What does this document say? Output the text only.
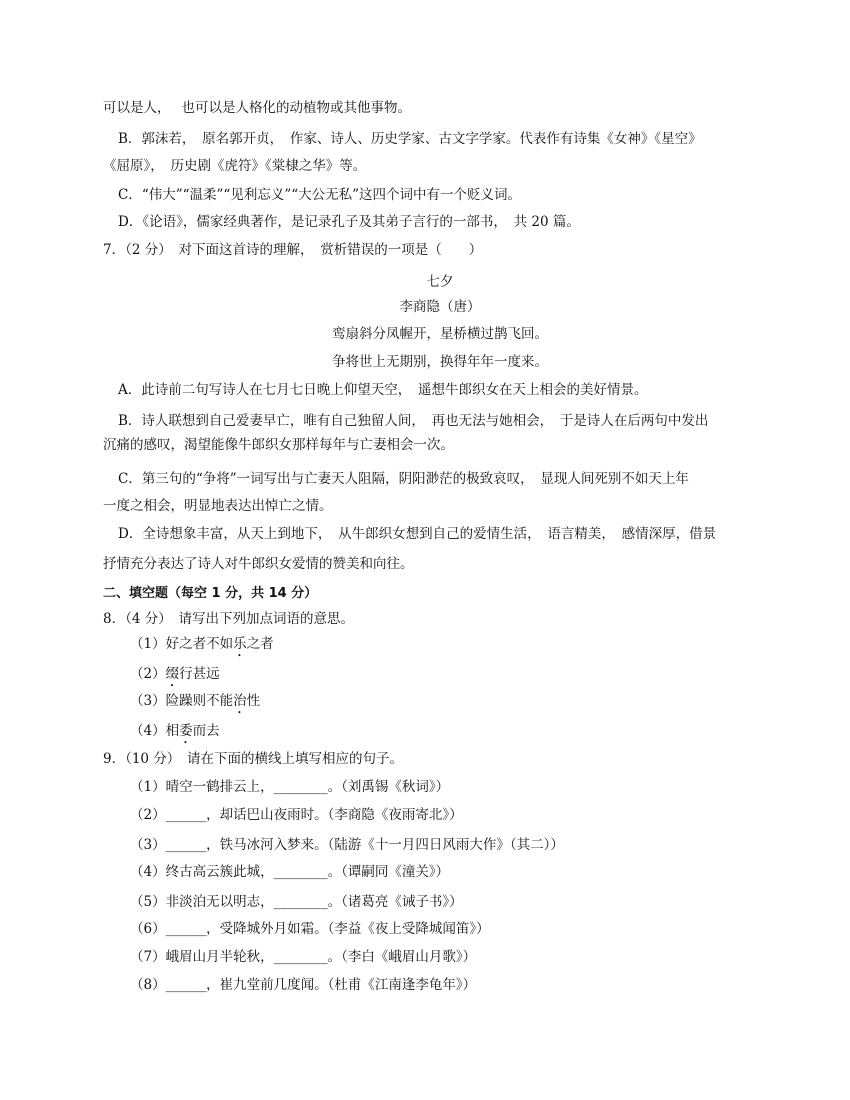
可以是人，　 也可以是人格化的动植物或其他事物。
B．郭沫若，　原名郭开贞，　作家、诗人、历史学家、古文字学家。代表作有诗集《女神》《星空》
《屈原》，　历史剧《虎符》《棠棣之华》等。
C．“伟大”“温柔”“见利忘义”“大公无私”这四个词中有一个贬义词。
D．《论语》，儒家经典著作，是记录孔子及其弟子言行的一部书，　共 20 篇。
7．（2 分）　对下面这首诗的理解，　赏析错误的一项是（　　）
七夕
李商隐（唐）
鸾扇斜分凤幄开，星桥横过鹊飞回。
争将世上无期别，换得年年一度来。
A．此诗前二句写诗人在七月七日晚上仰望天空，　遥想牛郎织女在天上相会的美好情景。
B．诗人联想到自己爱妻早亡，唯有自己独留人间，　再也无法与她相会，　于是诗人在后两句中发出
沉痛的感叹，渴望能像牛郎织女那样每年与亡妻相会一次。
C．第三句的“争将”一词写出与亡妻天人阻隔，阴阳渺茫的极致哀叹，　显现人间死别不如天上年
一度之相会，明显地表达出悼亡之情。
D．全诗想象丰富，从天上到地下，　从牛郎织女想到自己的爱情生活，　语言精美，　感情深厚，借景
抒情充分表达了诗人对牛郎织女爱情的赞美和向往。
二、填空题（每空 1 分，共 14 分）
8．（4 分）　请写出下列加点词语的意思。
（1）好之者不如乐之者
（2）缀行甚远
（3）险躁则不能治性
（4）相委而去
9．（10 分）　请在下面的横线上填写相应的句子。
（1）晴空一鹤排云上，________。（刘禹锡《秋词》）
（2）______，却话巴山夜雨时。（李商隐《夜雨寄北》）
（3）______，铁马冰河入梦来。（陆游《十一月四日风雨大作》（其二））
（4）终古高云簇此城，________。（谭嗣同《潼关》）
（5）非淡泊无以明志，________。（诸葛亮《诫子书》）
（6）______，受降城外月如霜。（李益《夜上受降城闻笛》）
（7）峨眉山月半轮秋，________。（李白《峨眉山月歌》）
（8）______，崔九堂前几度闻。（杜甫《江南逢李龟年》）
